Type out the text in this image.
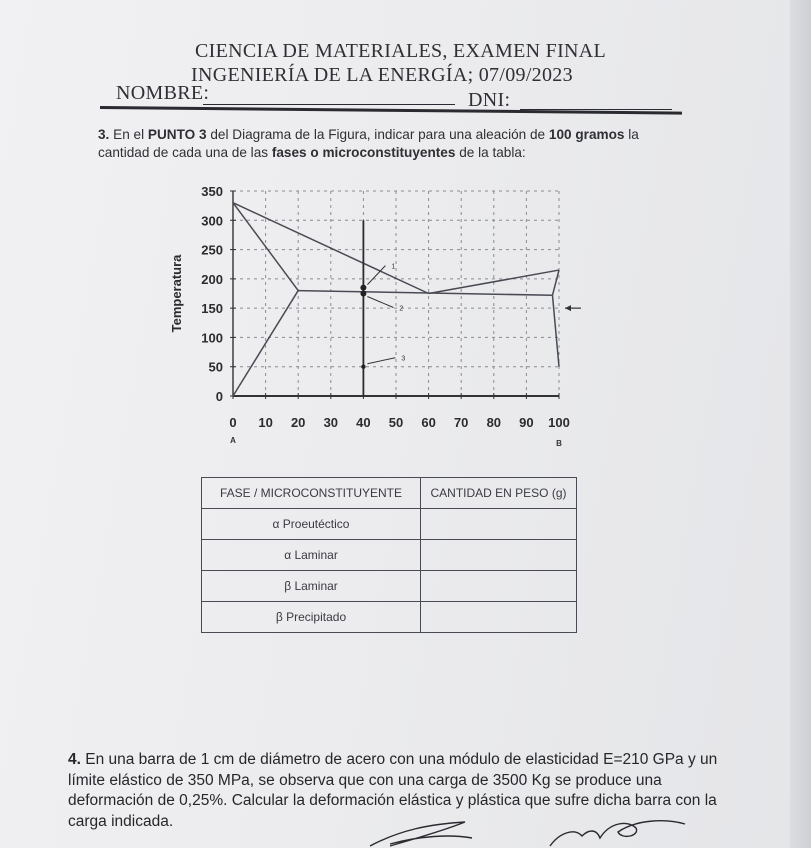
CIENCIA DE MATERIALES, EXAMEN FINAL
INGENIERÍA DE LA ENERGÍA; 07/09/2023
NOMBRE:	DNI:
3. En el PUNTO 3 del Diagrama de la Figura, indicar para una aleación de 100 gramos la cantidad de cada una de las fases o microconstituyentes de la tabla:
0 10 20 30 40 50 60 70 80 90 100
0
50
100
150
200
250
300
350
Temperatura
A	B
1
2
3
FASE / MICROCONSTITUYENTE	CANTIDAD EN PESO (g)
α Proeutéctico	
α Laminar	
β Laminar	
β Precipitado	
4. En una barra de 1 cm de diámetro de acero con una módulo de elasticidad E=210 GPa y un límite elástico de 350 MPa, se observa que con una carga de 3500 Kg se produce una deformación de 0,25%. Calcular la deformación elástica y plástica que sufre dicha barra con la carga indicada.
